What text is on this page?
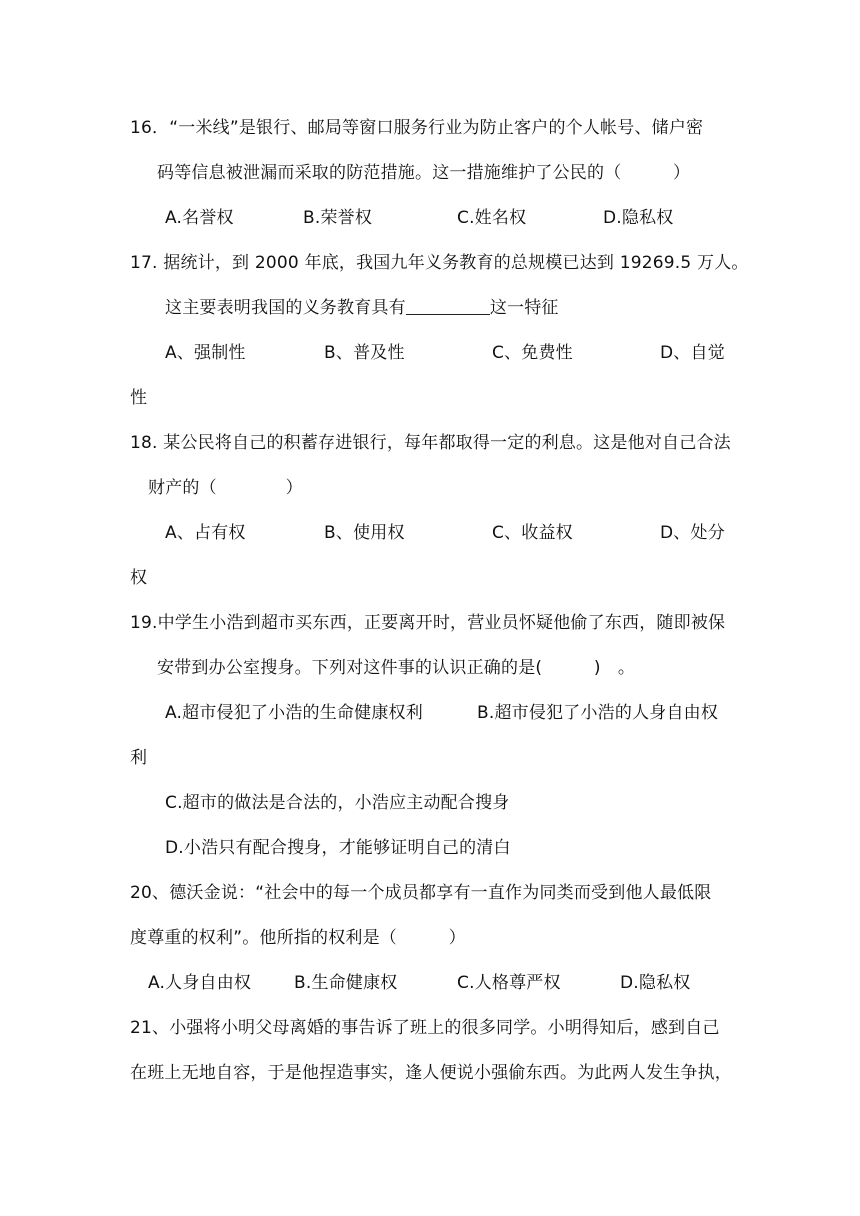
16．“一米线”是银行、邮局等窗口服务行业为防止客户的个人帐号、储户密
码等信息被泄漏而采取的防范措施。这一措施维护了公民的（　　　）
A.名誉权	B.荣誉权	C.姓名权	D.隐私权
17. 据统计，到 2000 年底，我国九年义务教育的总规模已达到 19269.5 万人。
这主要表明我国的义务教育具有	这一特征
A、强制性	B、普及性	C、免费性	D、自觉
性
18. 某公民将自己的积蓄存进银行，每年都取得一定的利息。这是他对自己合法
财产的（　　　　）
A、占有权	B、使用权	C、收益权	D、处分
权
19.中学生小浩到超市买东西，正要离开时，营业员怀疑他偷了东西，随即被保
安带到办公室搜身。下列对这件事的认识正确的是(　　　)　。
A.超市侵犯了小浩的生命健康权利	B.超市侵犯了小浩的人身自由权
利
C.超市的做法是合法的，小浩应主动配合搜身
D.小浩只有配合搜身，才能够证明自己的清白
20、德沃金说：“社会中的每一个成员都享有一直作为同类而受到他人最低限
度尊重的权利”。他所指的权利是（　　　）
A.人身自由权	B.生命健康权	C.人格尊严权	D.隐私权
21、小强将小明父母离婚的事告诉了班上的很多同学。小明得知后，感到自己
在班上无地自容，于是他捏造事实，逢人便说小强偷东西。为此两人发生争执，
